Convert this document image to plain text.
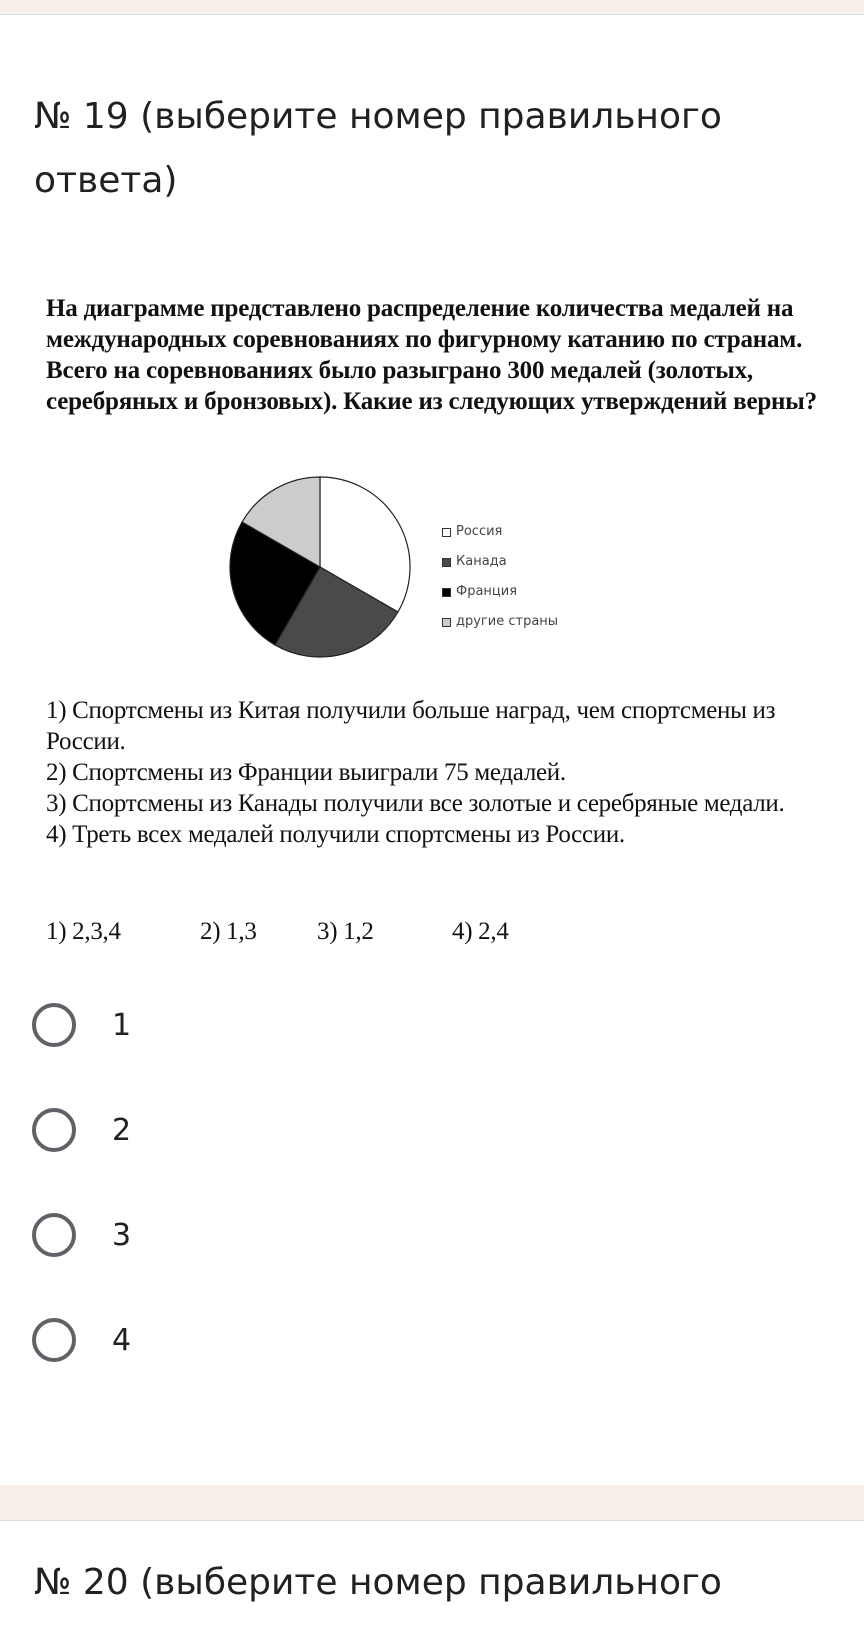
№ 19 (выберите номер правильного ответа)

На диаграмме представлено распределение количества медалей на международных соревнованиях по фигурному катанию по странам. Всего на соревнованиях было разыграно 300 медалей (золотых, серебряных и бронзовых). Какие из следующих утверждений верны?

Россия
Канада
Франция
другие страны

1) Спортсмены из Китая получили больше наград, чем спортсмены из России.

2) Спортсмены из Франции выиграли 75 медалей.

3) Спортсмены из Канады получили все золотые и серебряные медали.

4) Треть всех медалей получили спортсмены из России.

1) 2,3,4	2) 1,3 3) 1,2	4) 2,4
1
2
3
4
№ 20 (выберите номер правильного
